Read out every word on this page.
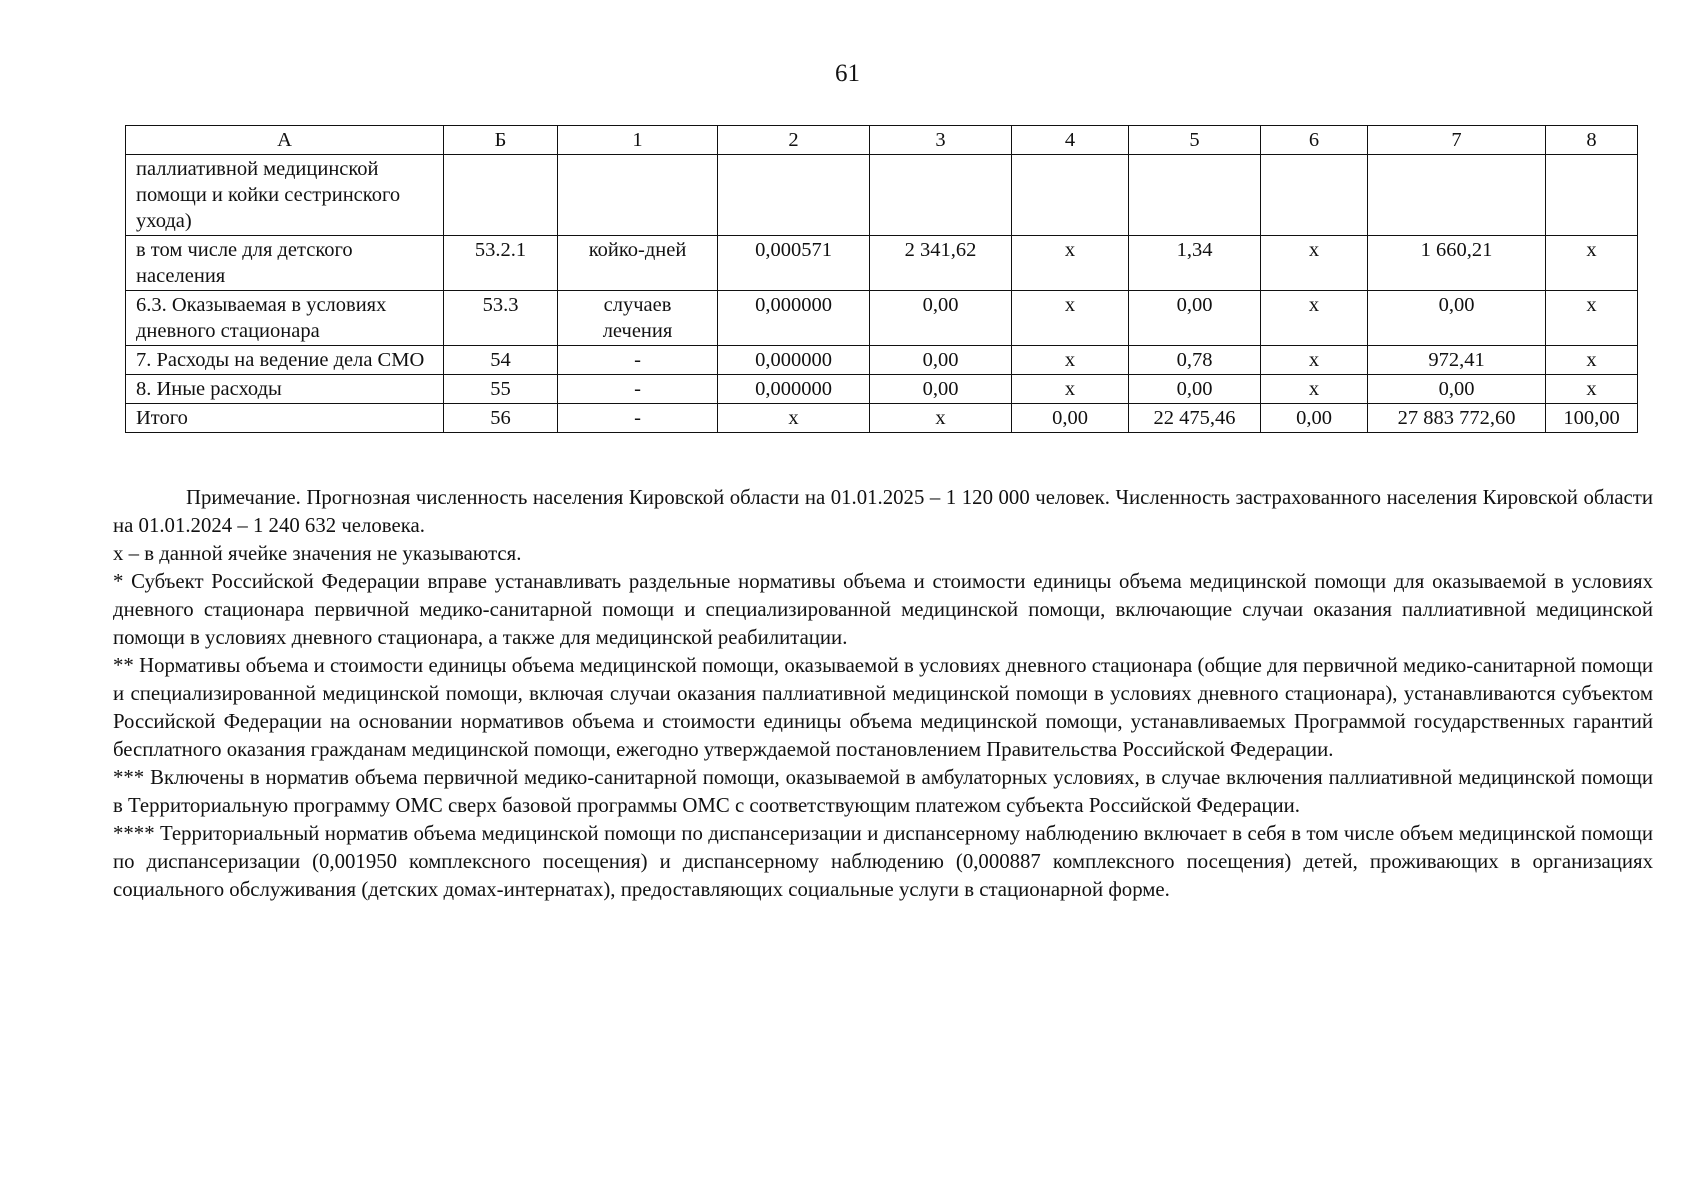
61
А	Б	1	2	3	4	5	6	7	8
паллиативной медицинской помощи и койки сестринского ухода)									
в том числе для детского населения	53.2.1	койко-дней	0,000571	2 341,62	х	1,34	х	1 660,21	х
6.3. Оказываемая в условиях дневного стационара	53.3	случаев лечения	0,000000	0,00	х	0,00	х	0,00	х
7. Расходы на ведение дела СМО	54	-	0,000000	0,00	х	0,78	х	972,41	х
8. Иные расходы	55	-	0,000000	0,00	х	0,00	х	0,00	х
Итого	56	-	х	х	0,00	22 475,46	0,00	27 883 772,60	100,00

Примечание. Прогнозная численность населения Кировской области на 01.01.2025 – 1 120 000 человек. Численность застрахованного населения Кировской области на 01.01.2024 – 1 240 632 человека.

х – в данной ячейке значения не указываются.

* Субъект Российской Федерации вправе устанавливать раздельные нормативы объема и стоимости единицы объема медицинской помощи для оказываемой в условиях дневного стационара первичной медико-санитарной помощи и специализированной медицинской помощи, включающие случаи оказания паллиативной медицинской помощи в условиях дневного стационара, а также для медицинской реабилитации.

** Нормативы объема и стоимости единицы объема медицинской помощи, оказываемой в условиях дневного стационара (общие для первичной медико-санитарной помощи и специализированной медицинской помощи, включая случаи оказания паллиативной медицинской помощи в условиях дневного стационара), устанавливаются субъектом Российской Федерации на основании нормативов объема и стоимости единицы объема медицинской помощи, устанавливаемых Программой государственных гарантий бесплатного оказания гражданам медицинской помощи, ежегодно утверждаемой постановлением Правительства Российской Федерации.

*** Включены в норматив объема первичной медико-санитарной помощи, оказываемой в амбулаторных условиях, в случае включения паллиативной медицинской помощи в Территориальную программу ОМС сверх базовой программы ОМС с соответствующим платежом субъекта Российской Федерации.

**** Территориальный норматив объема медицинской помощи по диспансеризации и диспансерному наблюдению включает в себя в том числе объем медицинской помощи по диспансеризации (0,001950 комплексного посещения) и диспансерному наблюдению (0,000887 комплексного посещения) детей, проживающих в организациях социального обслуживания (детских домах-интернатах), предоставляющих социальные услуги в стационарной форме.
